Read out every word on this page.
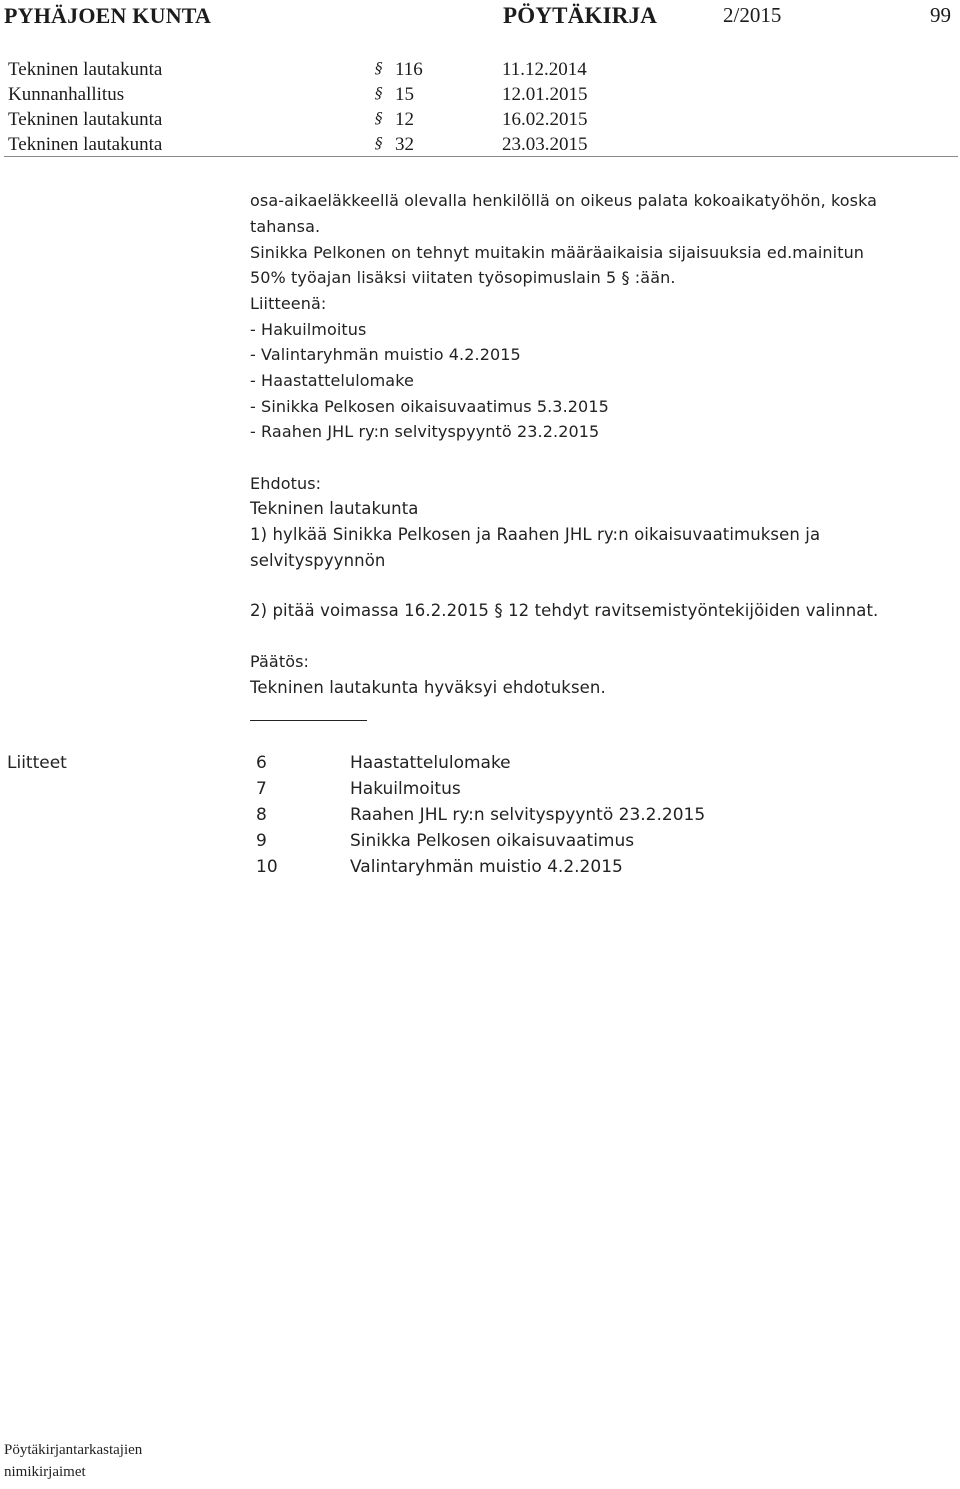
PYHÄJOEN KUNTA	PÖYTÄKIRJA	2/2015	99
Tekninen lautakunta	§ 116	11.12.2014
Kunnanhallitus	§ 15	12.01.2015
Tekninen lautakunta	§ 12	16.02.2015
Tekninen lautakunta	§ 32	23.03.2015
osa-aikaeläkkeellä olevalla henkilöllä on oikeus palata kokoaikatyöhön, koska
tahansa.
Sinikka Pelkonen on tehnyt muitakin määräaikaisia sijaisuuksia ed.mainitun
50% työajan lisäksi viitaten työsopimuslain 5 § :ään.
Liitteenä:
- Hakuilmoitus
- Valintaryhmän muistio 4.2.2015
- Haastattelulomake
- Sinikka Pelkosen oikaisuvaatimus 5.3.2015
- Raahen JHL ry:n selvityspyyntö 23.2.2015
Ehdotus:
Tekninen lautakunta
1) hylkää Sinikka Pelkosen ja Raahen JHL ry:n oikaisuvaatimuksen ja
selvityspyynnön
2) pitää voimassa 16.2.2015 § 12 tehdyt ravitsemistyöntekijöiden valinnat.
Päätös:
Tekninen lautakunta hyväksyi ehdotuksen.
Liitteet	6	Haastattelulomake
7	Hakuilmoitus
8	Raahen JHL ry:n selvityspyyntö 23.2.2015
9	Sinikka Pelkosen oikaisuvaatimus
10	Valintaryhmän muistio 4.2.2015
Pöytäkirjantarkastajien
nimikirjaimet
